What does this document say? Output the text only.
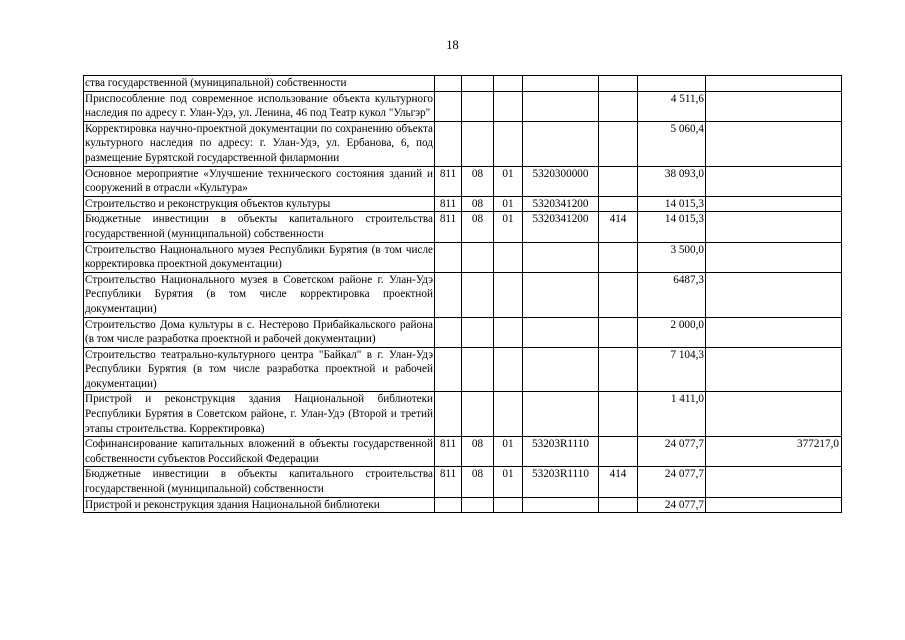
18
ства государственной (муниципальной) собственности							
Приспособление под современное использование объекта культурного наследия по адресу г. Улан-Удэ, ул. Ленина, 46 под Театр кукол "Ульгэр"						4 511,6	
Корректировка научно-проектной документации по сохранению объекта культурного наследия по адресу: г. Улан-Удэ, ул. Ербанова, 6, под размещение Бурятской государственной филармонии						5 060,4	
Основное мероприятие «Улучшение технического состояния зданий и сооружений в отрасли «Культура»	811	08	01	5320300000		38 093,0	
Строительство и реконструкция объектов культуры	811	08	01	5320341200		14 015,3	
Бюджетные инвестиции в объекты капитального строительства государственной (муниципальной) собственности	811	08	01	5320341200	414	14 015,3	
Строительство Национального музея Республики Бурятия (в том числе корректировка проектной документации)						3 500,0	
Строительство Национального музея в Советском районе г. Улан-Удэ Республики Бурятия (в том числе корректировка проектной документации)						6487,3	
Строительство Дома культуры в с. Нестерово Прибайкальского района (в том числе разработка проектной и рабочей документации)						2 000,0	
Строительство театрально-культурного центра "Байкал" в г. Улан-Удэ Республики Бурятия (в том числе разработка проектной и рабочей документации)						7 104,3	
Пристрой и реконструкция здания Национальной библиотеки Республики Бурятия в Советском районе, г. Улан-Удэ (Второй и третий этапы строительства. Корректировка)						1 411,0	
Софинансирование капитальных вложений в объекты государственной собственности субъектов Российской Федерации	811	08	01	53203R1110		24 077,7	377217,0
Бюджетные инвестиции в объекты капитального строительства государственной (муниципальной) собственности	811	08	01	53203R1110	414	24 077,7	
Пристрой и реконструкция здания Национальной библиотеки						24 077,7	
